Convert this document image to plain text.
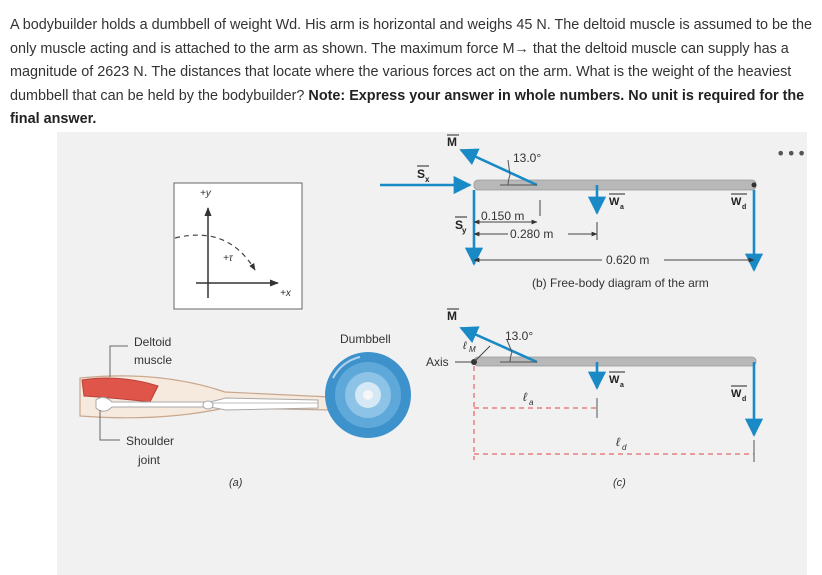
A bodybuilder holds a dumbbell of weight Wd. His arm is horizontal and weighs 45 N. The deltoid muscle is assumed to be the only muscle acting and is attached to the arm as shown. The maximum force M→ that the deltoid muscle can supply has a magnitude of 2623 N. The distances that locate where the various forces act on the arm. What is the weight of the heaviest dumbbell that can be held by the bodybuilder? Note: Express your answer in whole numbers. No unit is required for the final answer.
•••
+y
+x
+τ
Deltoid
muscle
Dumbbell
Shoulder
joint
(a)
M
S x
S
y
13.0°
W a	W d
0.150 m
0.280 m
0.620 m
(b) Free-body diagram of the arm
M
13.0°
Axis
ℓ M
W a
W d
ℓ a
ℓ d
(c)
